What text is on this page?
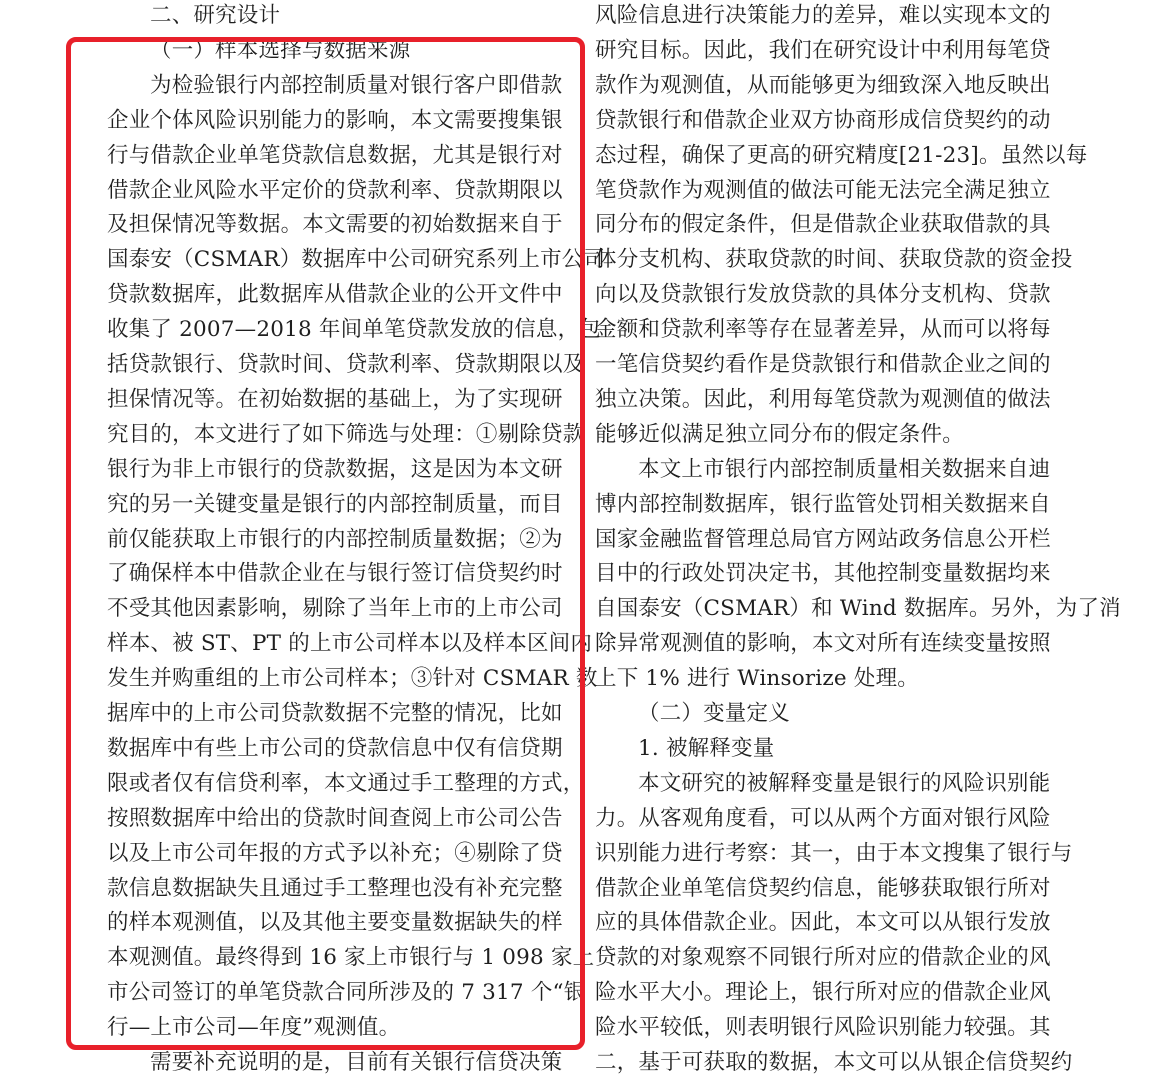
二、研究设计
（一）样本选择与数据来源
为检验银行内部控制质量对银行客户即借款
企业个体风险识别能力的影响，本文需要搜集银
行与借款企业单笔贷款信息数据，尤其是银行对
借款企业风险水平定价的贷款利率、贷款期限以
及担保情况等数据。本文需要的初始数据来自于
国泰安（CSMAR）数据库中公司研究系列上市公司
贷款数据库，此数据库从借款企业的公开文件中
收集了 2007—2018 年间单笔贷款发放的信息，包
括贷款银行、贷款时间、贷款利率、贷款期限以及
担保情况等。在初始数据的基础上，为了实现研
究目的，本文进行了如下筛选与处理：①剔除贷款
银行为非上市银行的贷款数据，这是因为本文研
究的另一关键变量是银行的内部控制质量，而目
前仅能获取上市银行的内部控制质量数据；②为
了确保样本中借款企业在与银行签订信贷契约时
不受其他因素影响，剔除了当年上市的上市公司
样本、被 ST、PT 的上市公司样本以及样本区间内
发生并购重组的上市公司样本；③针对 CSMAR 数
据库中的上市公司贷款数据不完整的情况，比如
数据库中有些上市公司的贷款信息中仅有信贷期
限或者仅有信贷利率，本文通过手工整理的方式，
按照数据库中给出的贷款时间查阅上市公司公告
以及上市公司年报的方式予以补充；④剔除了贷
款信息数据缺失且通过手工整理也没有补充完整
的样本观测值，以及其他主要变量数据缺失的样
本观测值。最终得到 16 家上市银行与 1 098 家上
市公司签订的单笔贷款合同所涉及的 7 317 个“银
行—上市公司—年度”观测值。
需要补充说明的是，目前有关银行信贷决策
风险信息进行决策能力的差异，难以实现本文的
研究目标。因此，我们在研究设计中利用每笔贷
款作为观测值，从而能够更为细致深入地反映出
贷款银行和借款企业双方协商形成信贷契约的动
态过程，确保了更高的研究精度[21-23]。虽然以每
笔贷款作为观测值的做法可能无法完全满足独立
同分布的假定条件，但是借款企业获取借款的具
体分支机构、获取贷款的时间、获取贷款的资金投
向以及贷款银行发放贷款的具体分支机构、贷款
金额和贷款利率等存在显著差异，从而可以将每
一笔信贷契约看作是贷款银行和借款企业之间的
独立决策。因此，利用每笔贷款为观测值的做法
能够近似满足独立同分布的假定条件。
本文上市银行内部控制质量相关数据来自迪
博内部控制数据库，银行监管处罚相关数据来自
国家金融监督管理总局官方网站政务信息公开栏
目中的行政处罚决定书，其他控制变量数据均来
自国泰安（CSMAR）和 Wind 数据库。另外，为了消
除异常观测值的影响，本文对所有连续变量按照
上下 1% 进行 Winsorize 处理。
（二）变量定义
1. 被解释变量
本文研究的被解释变量是银行的风险识别能
力。从客观角度看，可以从两个方面对银行风险
识别能力进行考察：其一，由于本文搜集了银行与
借款企业单笔信贷契约信息，能够获取银行所对
应的具体借款企业。因此，本文可以从银行发放
贷款的对象观察不同银行所对应的借款企业的风
险水平大小。理论上，银行所对应的借款企业风
险水平较低，则表明银行风险识别能力较强。其
二，基于可获取的数据，本文可以从银企信贷契约
